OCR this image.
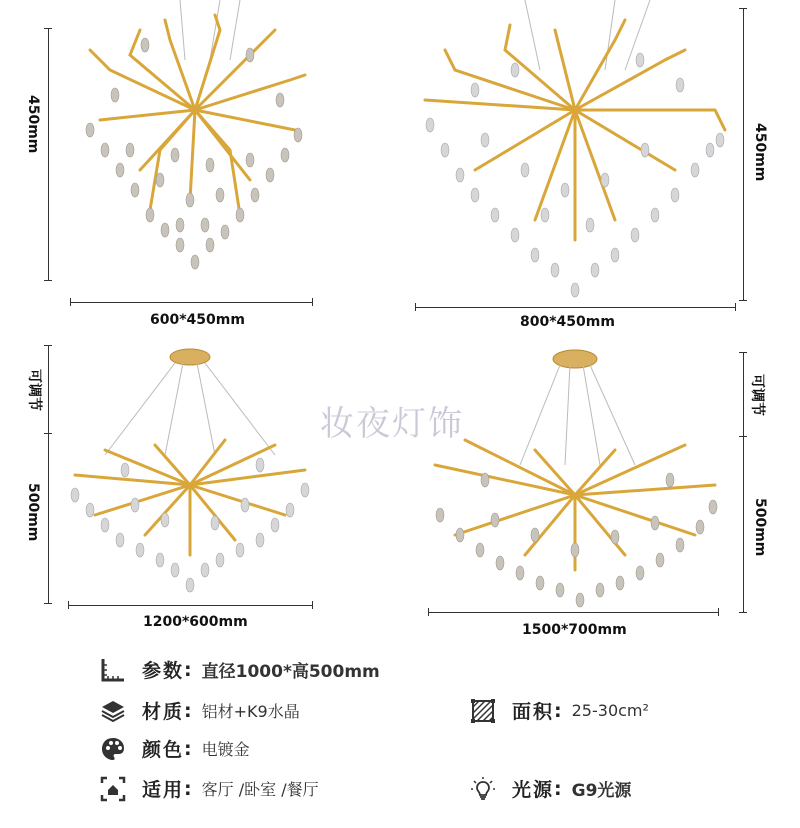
450mm
600*450mm
450mm
800*450mm
可调节
500mm
1200*600mm
妆夜灯饰
可调节
500mm
1500*700mm
参数 : 直径1000*高500mm
材质 : 铝材+K9水晶
颜色 : 电镀金
适用 : 客厅 /卧室 /餐厅
面积 : 25-30cm²
光源 : G9光源
